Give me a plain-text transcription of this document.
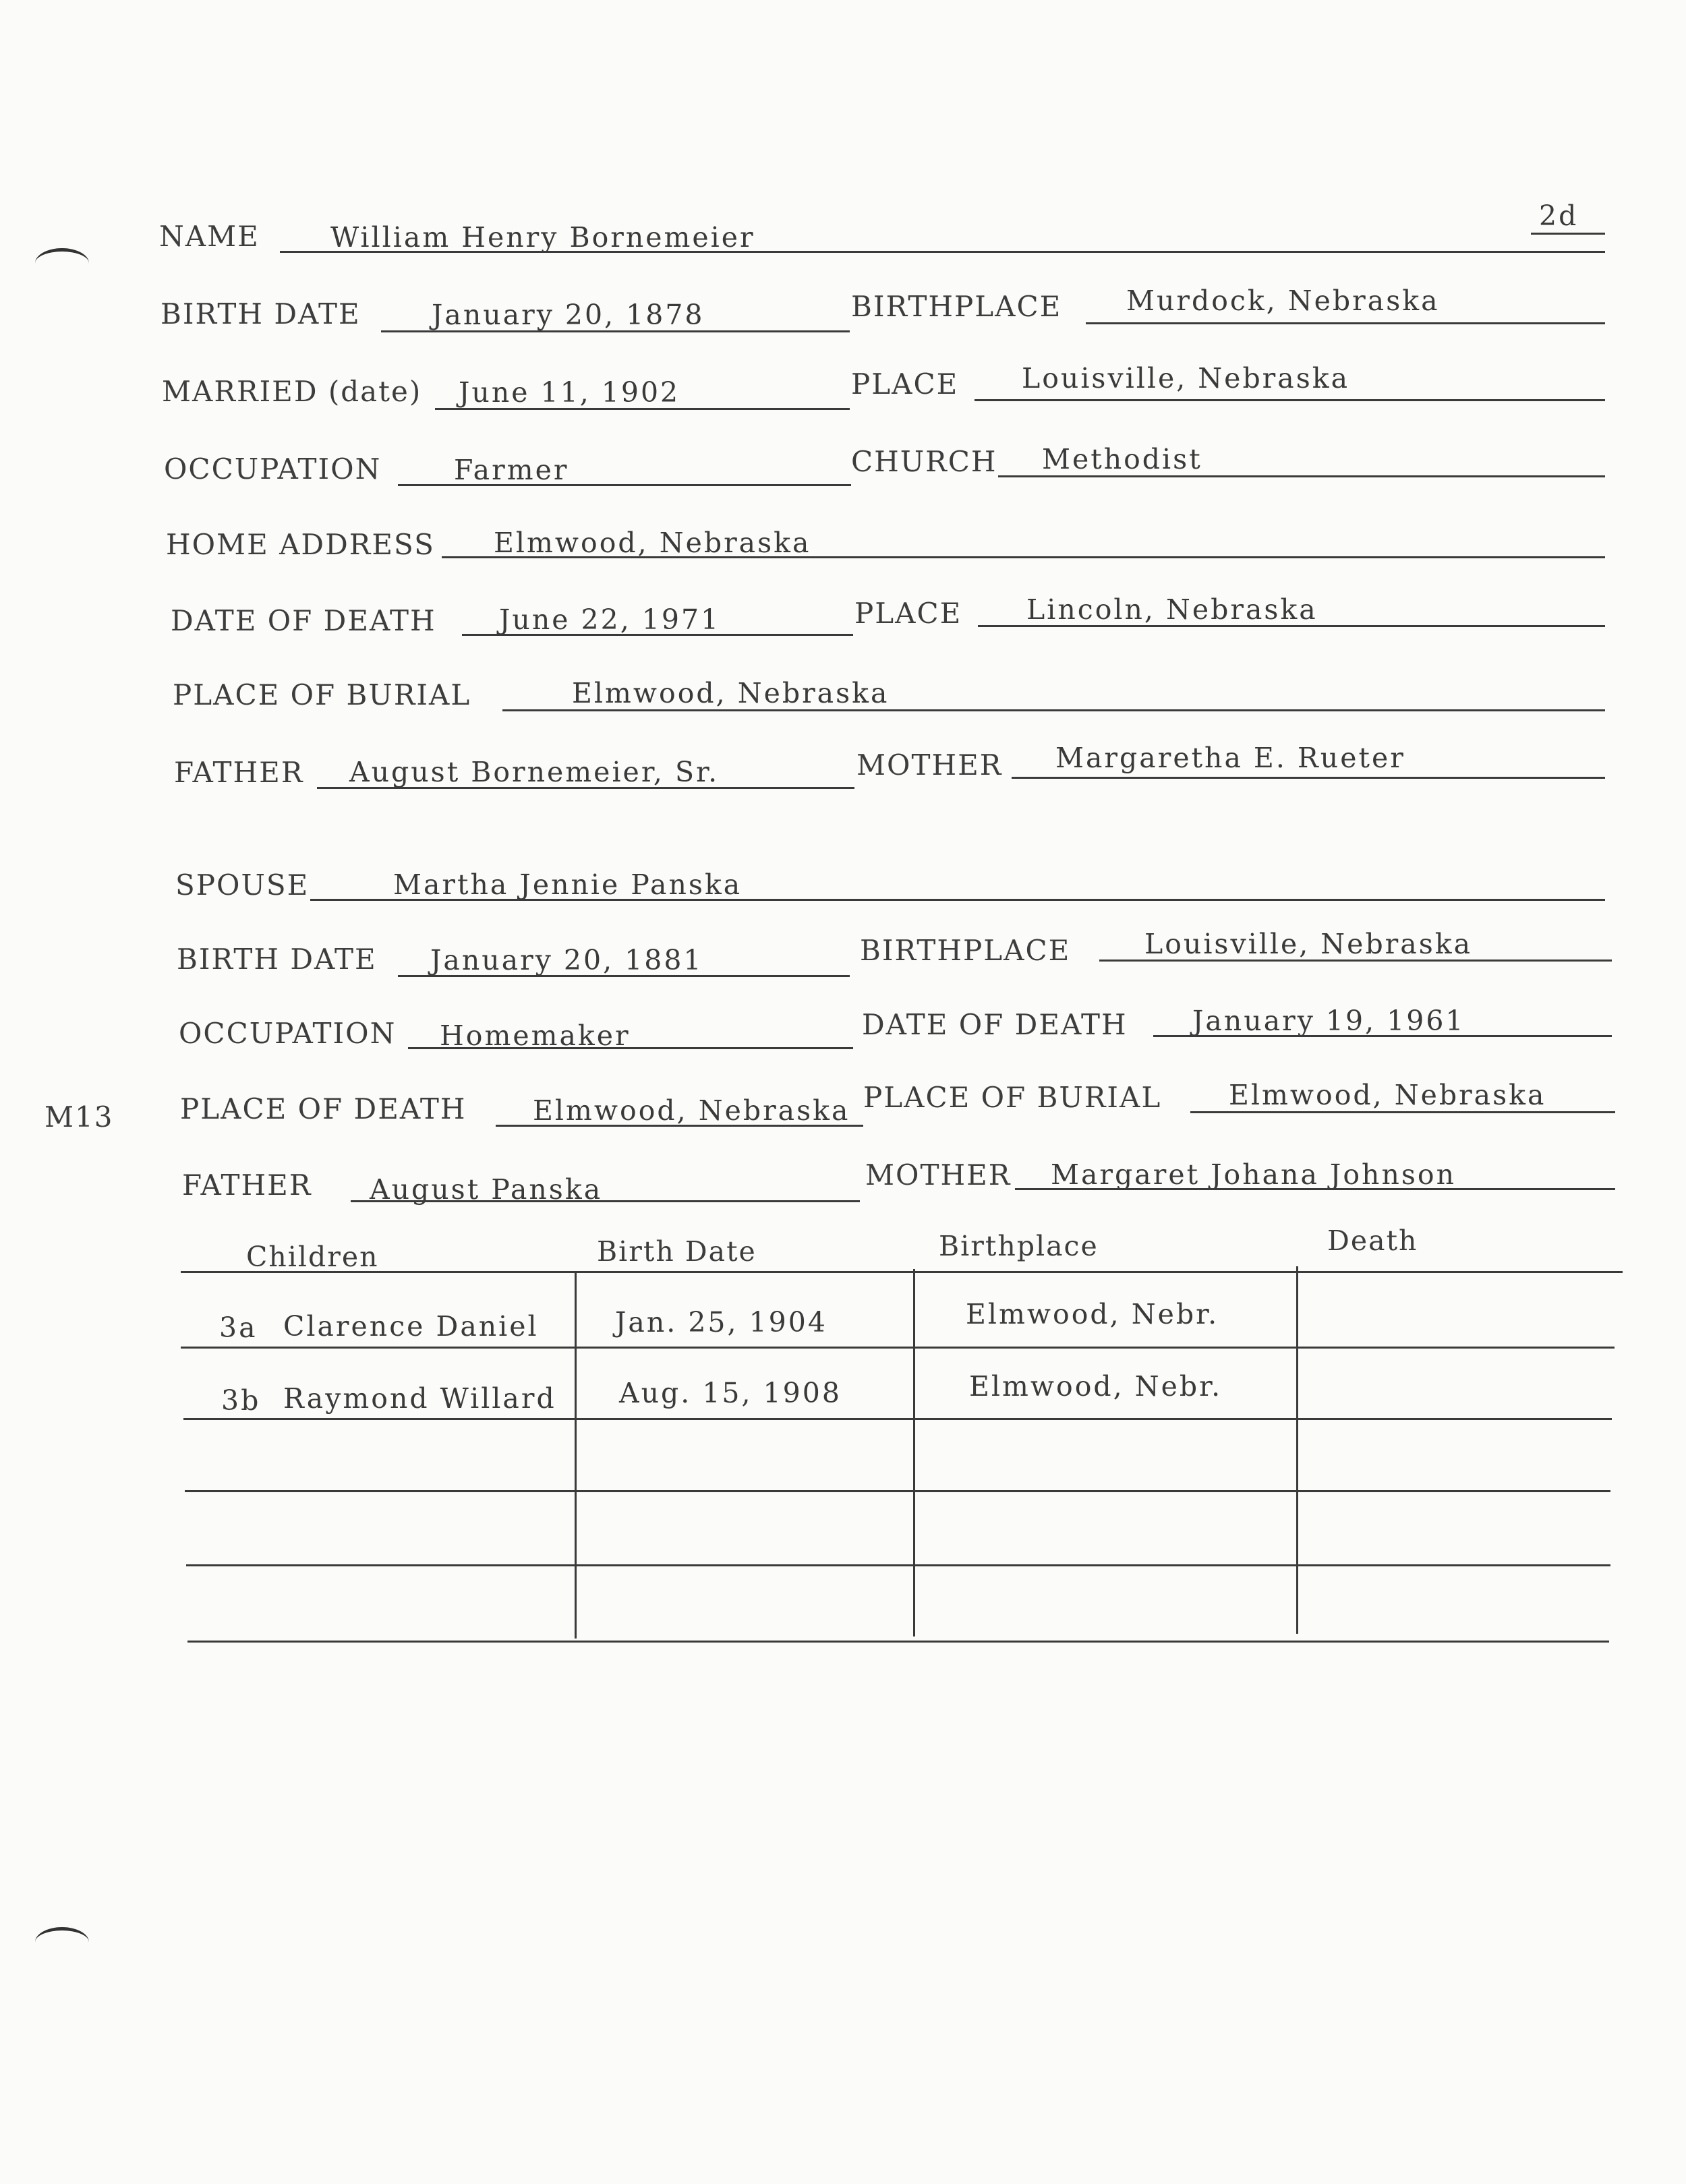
2d
M13
NAME	William Henry Bornemeier
BIRTH DATE	January 20, 1878	BIRTHPLACE Murdock, Nebraska
MARRIED (date) June 11, 1902	PLACE Louisville, Nebraska
OCCUPATION	Farmer	CHURCH Methodist
HOME ADDRESS Elmwood, Nebraska
DATE OF DEATH June 22, 1971	PLACE Lincoln, Nebraska
PLACE OF BURIAL	Elmwood, Nebraska
FATHER August Bornemeier, Sr.	MOTHER Margaretha E. Rueter
SPOUSE	Martha Jennie Panska
BIRTH DATE January 20, 1881	BIRTHPLACE	Louisville, Nebraska
OCCUPATION Homemaker	DATE OF DEATH January 19, 1961
PLACE OF DEATH Elmwood, Nebraska PLACE OF BURIAL Elmwood, Nebraska
FATHER August Panska	MOTHER Margaret Johana Johnson
Children	Birth Date	Birthplace	Death
3a Clarence Daniel	Jan. 25, 1904	Elmwood, Nebr.
3b Raymond Willard Aug. 15, 1908	Elmwood, Nebr.
